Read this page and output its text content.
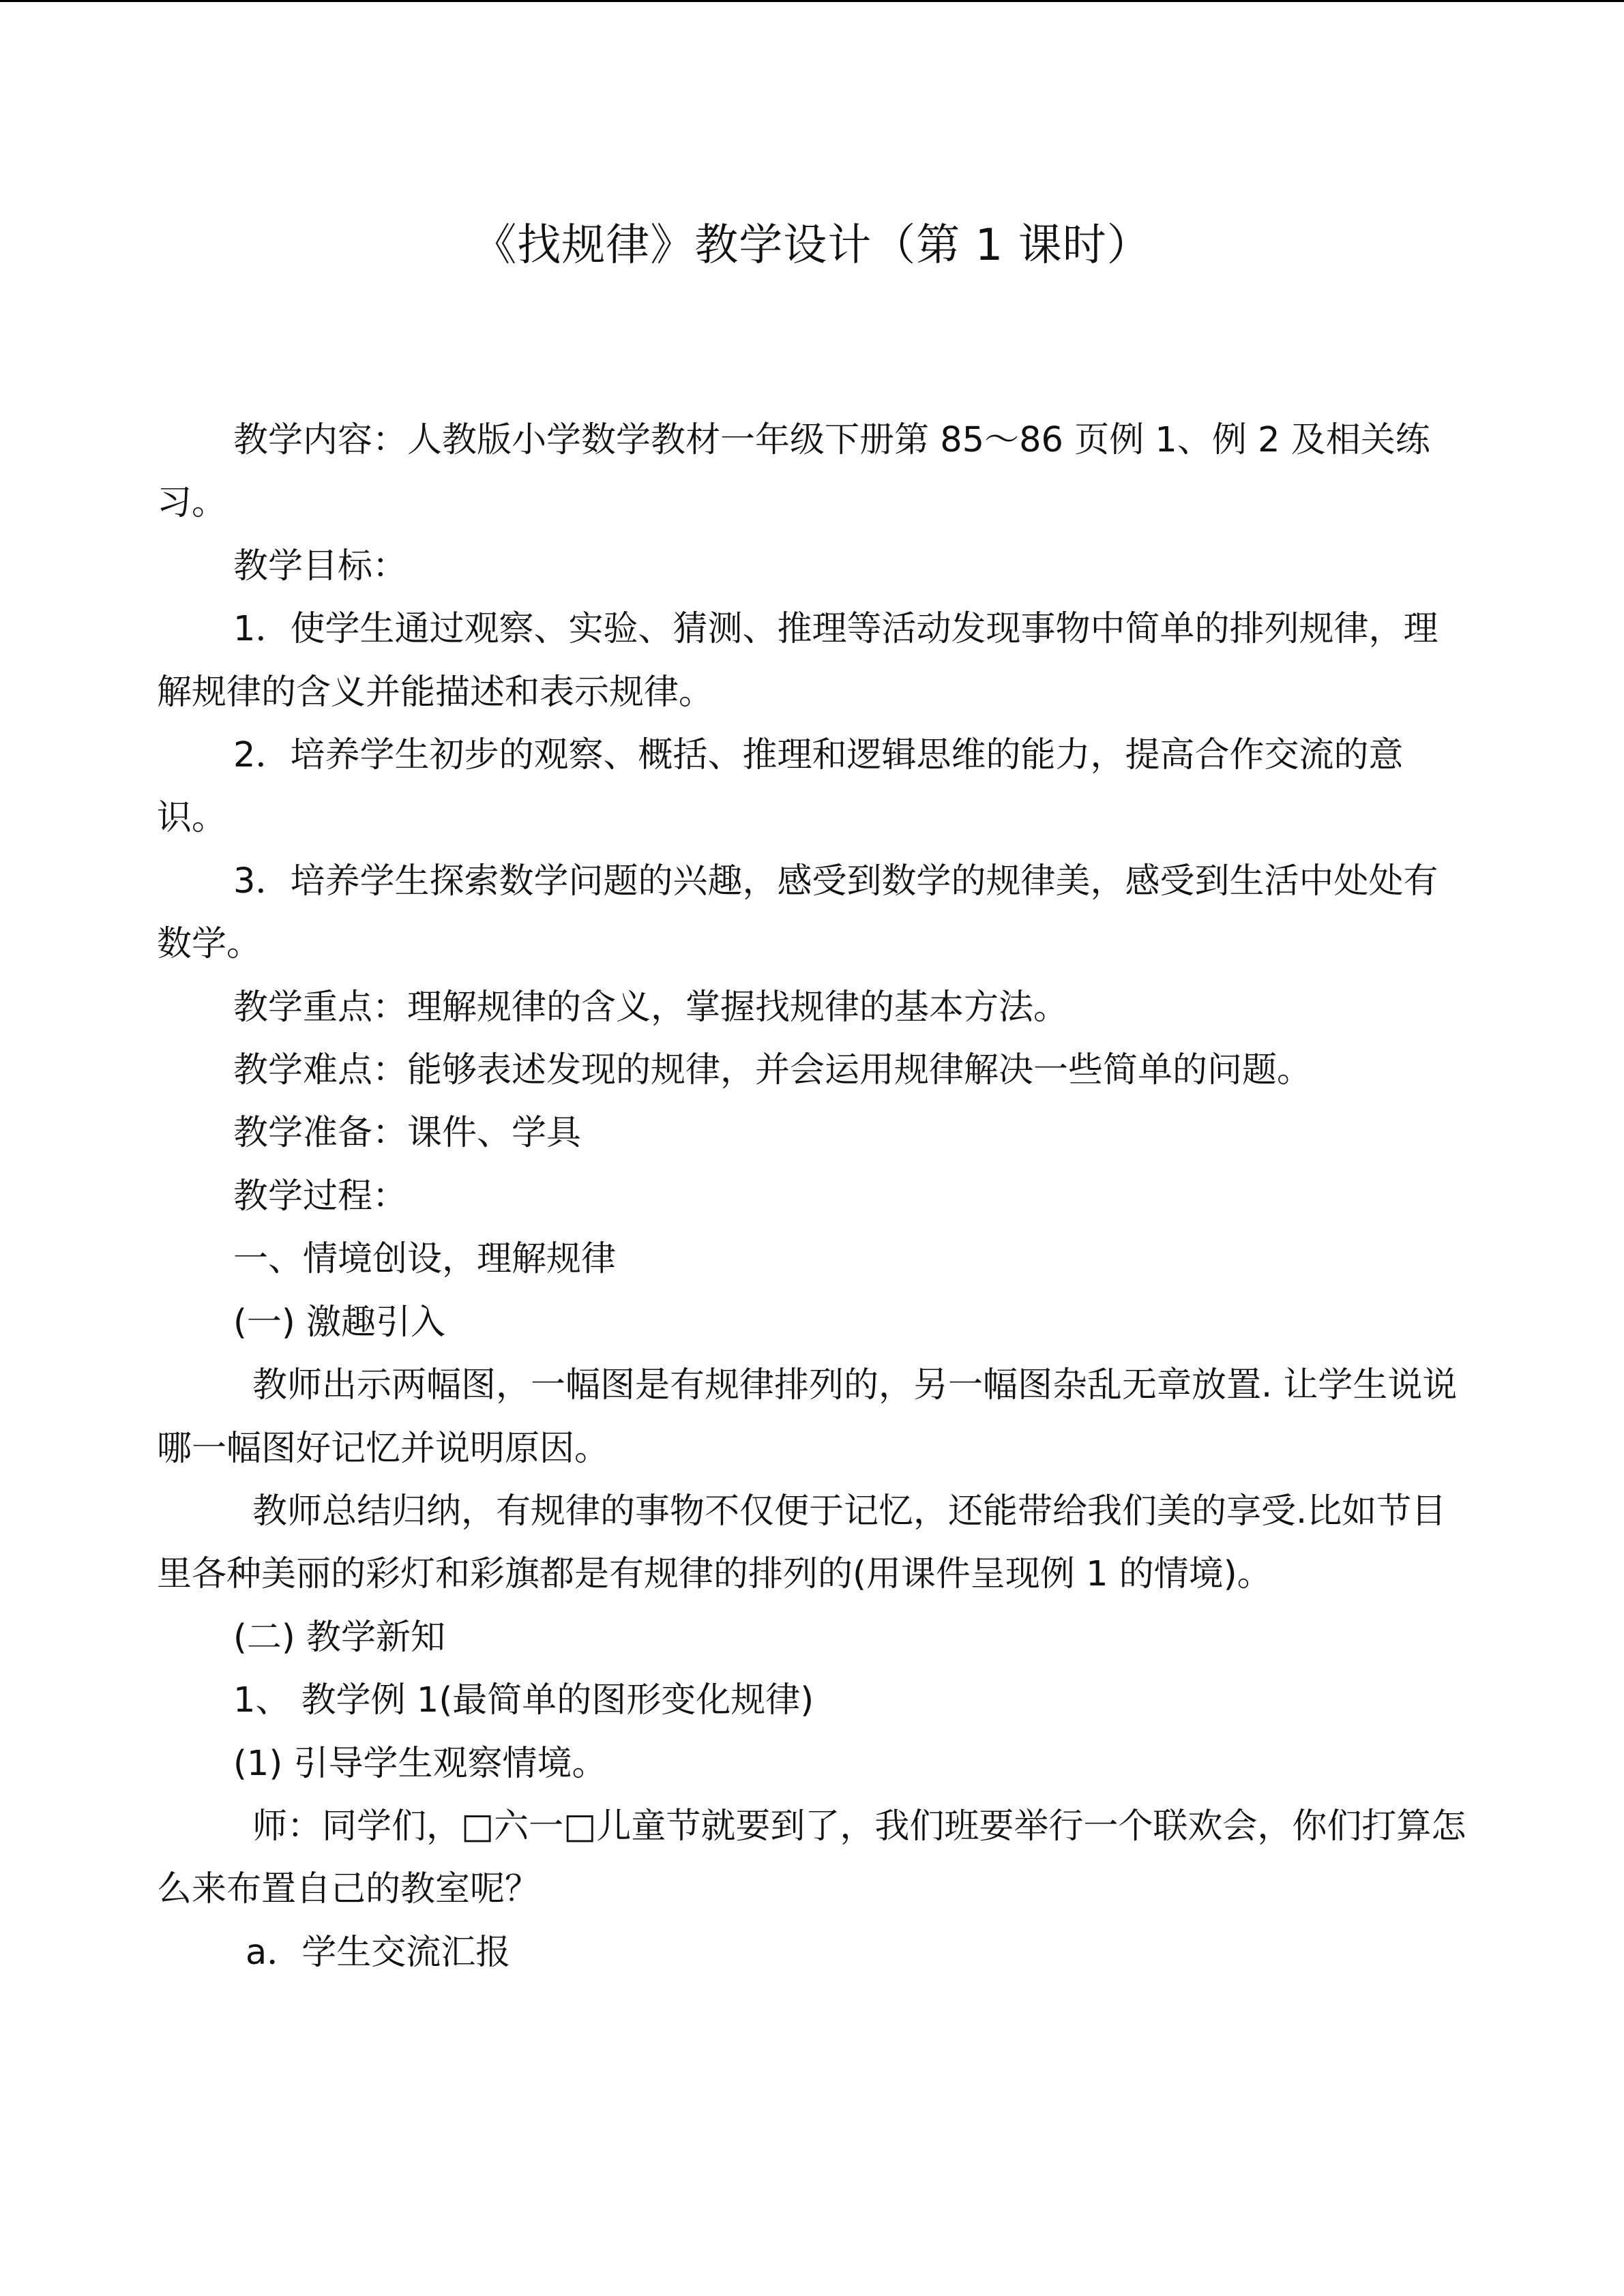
《找规律》教学设计（第 1 课时）

教学内容：人教版小学数学教材一年级下册第 85～86 页例 1、例 2 及相关练习。

教学目标：

1．使学生通过观察、实验、猜测、推理等活动发现事物中简单的排列规律，理解规律的含义并能描述和表示规律。

2．培养学生初步的观察、概括、推理和逻辑思维的能力，提高合作交流的意识。

3．培养学生探索数学问题的兴趣，感受到数学的规律美，感受到生活中处处有数学。

教学重点：理解规律的含义，掌握找规律的基本方法。

教学难点：能够表述发现的规律，并会运用规律解决一些简单的问题。

教学准备：课件、学具

教学过程：

一、情境创设，理解规律

(一) 激趣引入

教师出示两幅图，一幅图是有规律排列的，另一幅图杂乱无章放置. 让学生说说哪一幅图好记忆并说明原因。

教师总结归纳，有规律的事物不仅便于记忆，还能带给我们美的享受.比如节目里各种美丽的彩灯和彩旗都是有规律的排列的(用课件呈现例 1 的情境)。

(二) 教学新知

1、 教学例 1(最简单的图形变化规律)

(1) 引导学生观察情境。

师：同学们，□六一□儿童节就要到了，我们班要举行一个联欢会，你们打算怎么来布置自己的教室呢？

a．学生交流汇报
